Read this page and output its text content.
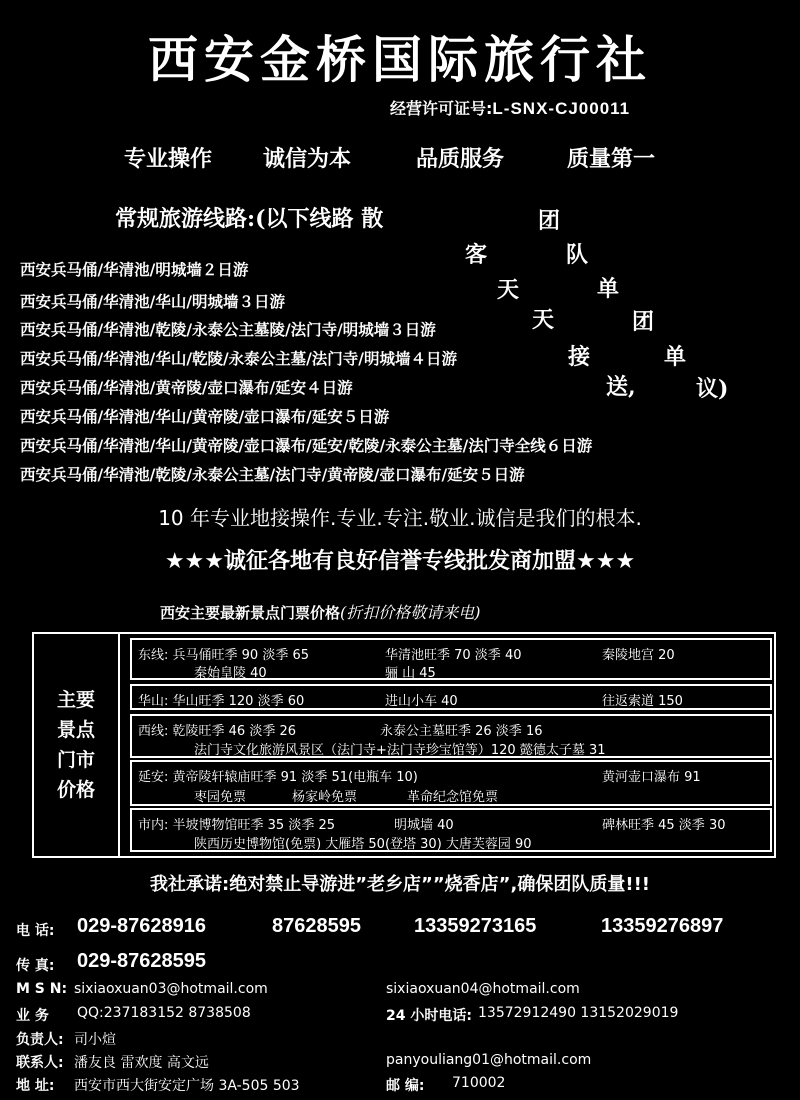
西安金桥国际旅行社
经营许可证号:L-SNX-CJ00011
专业操作 诚信为本	品质服务	质量第一
常规旅游线路:(以下线路 散
客
天
天
接
送,
团
队
单
团
单
议)
西安兵马俑/华清池/明城墙２日游
西安兵马俑/华清池/华山/明城墙３日游
西安兵马俑/华清池/乾陵/永泰公主墓陵/法门寺/明城墙３日游
西安兵马俑/华清池/华山/乾陵/永泰公主墓/法门寺/明城墙４日游
西安兵马俑/华清池/黄帝陵/壶口瀑布/延安４日游
西安兵马俑/华清池/华山/黄帝陵/壶口瀑布/延安５日游
西安兵马俑/华清池/华山/黄帝陵/壶口瀑布/延安/乾陵/永泰公主墓/法门寺全线６日游
西安兵马俑/华清池/乾陵/永泰公主墓/法门寺/黄帝陵/壶口瀑布/延安５日游
10 年专业地接操作.专业.专注.敬业.诚信是我们的根本.
★★★诚征各地有良好信誉专线批发商加盟★★★
西安主要最新景点门票价格(折扣价格敬请来电)
主要景点门市价格
东线: 兵马俑旺季 90 淡季 65	华清池旺季 70 淡季 40	秦陵地宫 20
秦始皇陵 40	骊 山 45
华山: 华山旺季 120 淡季 60	进山小车 40	往返索道 150
西线: 乾陵旺季 46 淡季 26	永泰公主墓旺季 26 淡季 16
法门寺文化旅游风景区（法门寺+法门寺珍宝馆等）120 懿德太子墓 31
延安: 黄帝陵轩辕庙旺季 91 淡季 51(电瓶车 10)	黄河壶口瀑布 91
枣园免票	杨家岭免票	革命纪念馆免票
市内: 半坡博物馆旺季 35 淡季 25	明城墙 40	碑林旺季 45 淡季 30
陕西历史博物馆(免票) 大雁塔 50(登塔 30) 大唐芙蓉园 90
我社承诺:绝对禁止导游进”老乡店””烧香店”,确保团队质量!!!
电 话: 029-87628916	87628595	13359273165	13359276897
传 真: 029-87628595
M S N: sixiaoxuan03@hotmail.com	sixiaoxuan04@hotmail.com
业 务 QQ:237183152 8738508	24 小时电话: 13572912490 13152029019
负责人: 司小煊
联系人: 潘友良 雷欢度 高文远	panyouliang01@hotmail.com
地 址: 西安市西大街安定广场 3A-505 503	邮 编: 710002
